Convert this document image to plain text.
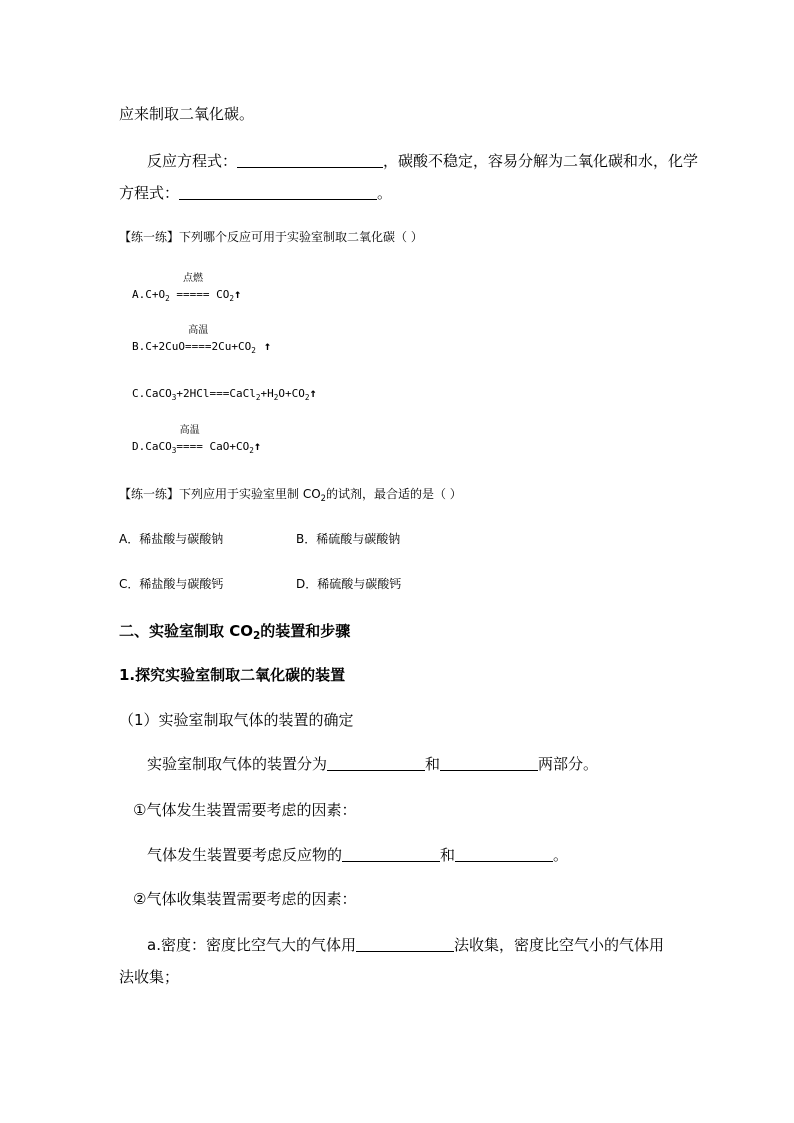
应来制取二氧化碳。
反应方程式：	，碳酸不稳定，容易分解为二氧化碳和水，化学
方程式：	。
【练一练】下列哪个反应可用于实验室制取二氧化碳（ ）
$A.C+O_2$
点燃
===== $CO_2↑$
B.C+2CuO
高温
$====2Cu+CO_2$ ↑
$C.CaCO_3+2HCl===CaCl_2+H_2O+CO_2↑$
D.CaCO$_3$
高温
==== $CaO+CO_2↑$
【练一练】下列应用于实验室里制 $CO_2$的试剂，最合适的是（ ）
A．稀盐酸与碳酸钠	B．稀硫酸与碳酸钠
C．稀盐酸与碳酸钙	D．稀硫酸与碳酸钙
二、实验室制取 $CO_2$的装置和步骤
1.探究实验室制取二氧化碳的装置
（1）实验室制取气体的装置的确定
实验室制取气体的装置分为	和	两部分。
①气体发生装置需要考虑的因素：
气体发生装置要考虑反应物的	和	。
②气体收集装置需要考虑的因素：
a.密度：密度比空气大的气体用	法收集，密度比空气小的气体用
法收集；
